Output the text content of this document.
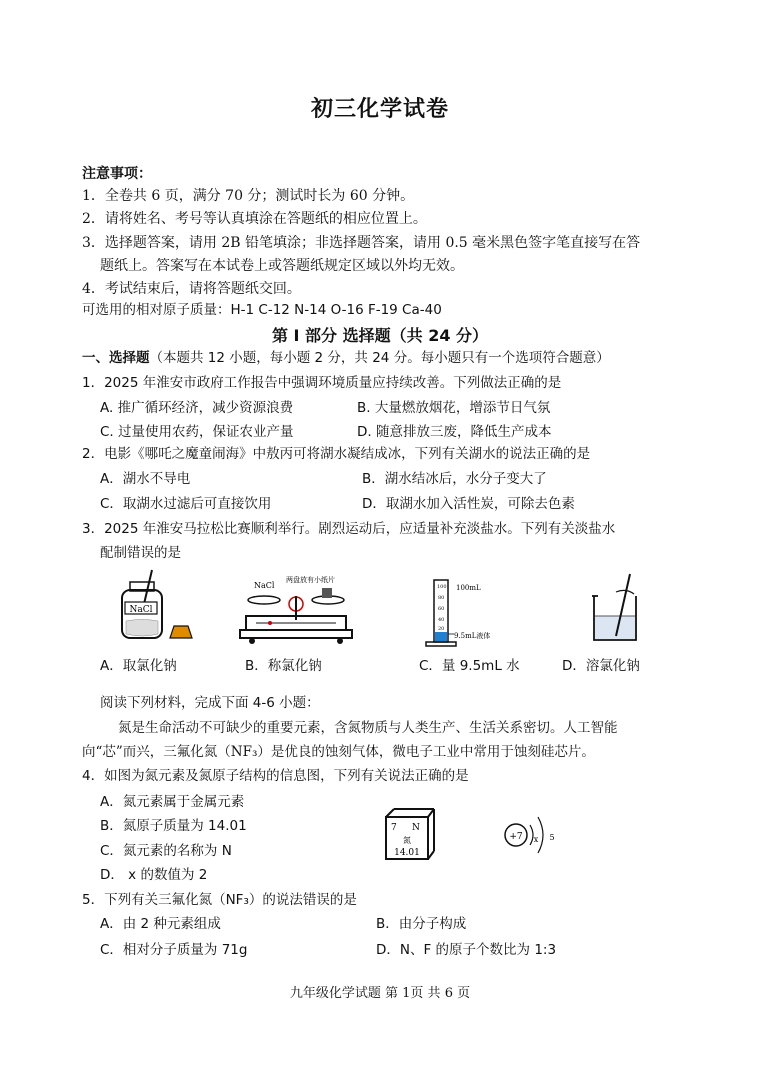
初三化学试卷
注意事项：
1．全卷共 6 页，满分 70 分；测试时长为 60 分钟。
2．请将姓名、考号等认真填涂在答题纸的相应位置上。
3．选择题答案，请用 2B 铅笔填涂；非选择题答案，请用 0.5 毫米黑色签字笔直接写在答
题纸上。答案写在本试卷上或答题纸规定区域以外均无效。
4．考试结束后，请将答题纸交回。
可选用的相对原子质量：H-1 C-12 N-14 O-16 F-19 Ca-40
第 I 部分 选择题（共 24 分）
一、选择题（本题共 12 小题，每小题 2 分，共 24 分。每小题只有一个选项符合题意）
1．2025 年淮安市政府工作报告中强调环境质量应持续改善。下列做法正确的是
A. 推广循环经济，减少资源浪费	B. 大量燃放烟花，增添节日气氛
C. 过量使用农药，保证农业产量	D. 随意排放三废，降低生产成本
2．电影《哪吒之魔童闹海》中敖丙可将湖水凝结成冰，下列有关湖水的说法正确的是
A．湖水不导电	B．湖水结冰后，水分子变大了
C．取湖水过滤后可直接饮用	D．取湖水加入活性炭，可除去色素
3．2025 年淮安马拉松比赛顺利举行。剧烈运动后，应适量补充淡盐水。下列有关淡盐水
配制错误的是
NaCl
NaCl
两盘放有小纸片
100mL
100
80
60
40
20
9.5mL液体
A．取氯化钠	B．称氯化钠	C．量 9.5mL 水	D．溶氯化钠
阅读下列材料，完成下面 4-6 小题：
氮是生命活动不可缺少的重要元素，含氮物质与人类生产、生活关系密切。人工智能
向“芯”而兴，三氟化氮（NF₃）是优良的蚀刻气体，微电子工业中常用于蚀刻硅芯片。
4．如图为氮元素及氮原子结构的信息图，下列有关说法正确的是
A．氮元素属于金属元素
B．氮原子质量为 14.01
C．氮元素的名称为 N
D． x 的数值为 2
7 N
氮
14.01
+7 x 5
5．下列有关三氟化氮（NF₃）的说法错误的是
A．由 2 种元素组成	B．由分子构成
C．相对分子质量为 71g	D．N、F 的原子个数比为 1:3
九年级化学试题 第 1页 共 6 页
